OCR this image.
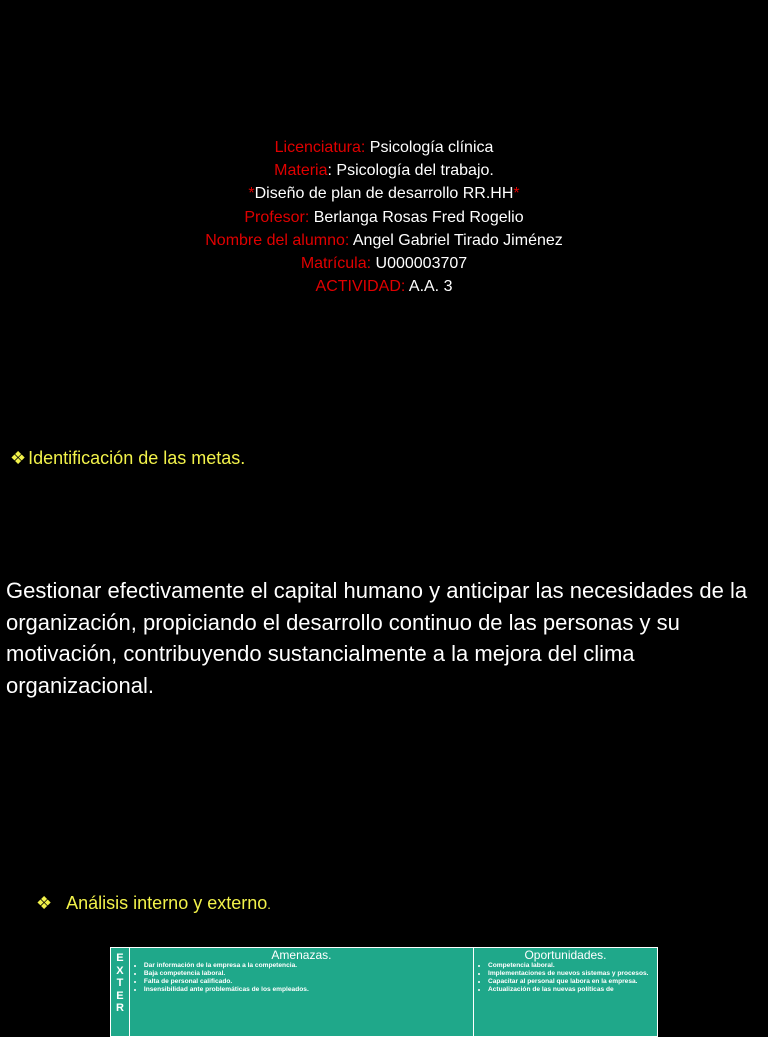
Licenciatura: Psicología clínica
Materia: Psicología del trabajo.
*Diseño de plan de desarrollo RR.HH*
Profesor: Berlanga Rosas Fred Rogelio
Nombre del alumno: Angel Gabriel Tirado Jiménez
Matrícula: U000003707
ACTIVIDAD: A.A. 3
❖ Identificación de las metas.
Gestionar efectivamente el capital humano y anticipar las necesidades de la organización, propiciando el desarrollo continuo de las personas y su motivación, contribuyendo sustancialmente a la mejora del clima organizacional.
❖ Análisis interno y externo.
E
X
T
E
R
Amenazas.
• Dar información de la empresa a la competencia.
• Baja competencia laboral.
• Falta de personal calificado.
• Insensibilidad ante problemáticas de los empleados.
Oportunidades.
• Competencia laboral.
• Implementaciones de nuevos sistemas y procesos.
• Capacitar al personal que labora en la empresa.
• Actualización de las nuevas políticas de
